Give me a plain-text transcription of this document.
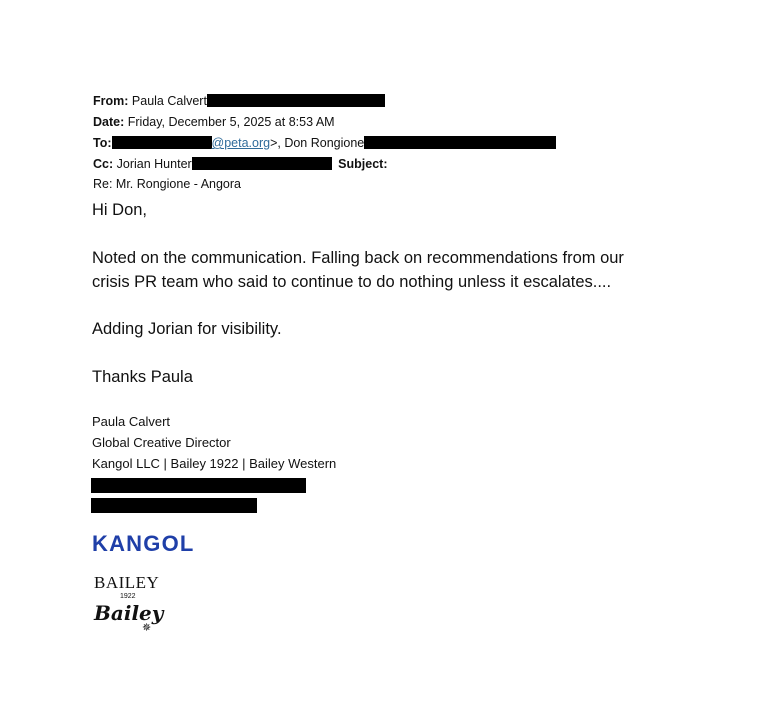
From: Paula Calvert
Date: Friday, December 5, 2025 at 8:53 AM
To:	@peta.org>, Don Rongione
Cc: Jorian Hunter	Subject:
Re: Mr. Rongione - Angora
Hi Don,
Noted on the communication. Falling back on recommendations from our
crisis PR team who said to continue to do nothing unless it escalates....
Adding Jorian for visibility.
Thanks Paula
Paula Calvert
Global Creative Director
Kangol LLC | Bailey 1922 | Bailey Western
KANGOL
BAILEY
1922
Bailey
✵
